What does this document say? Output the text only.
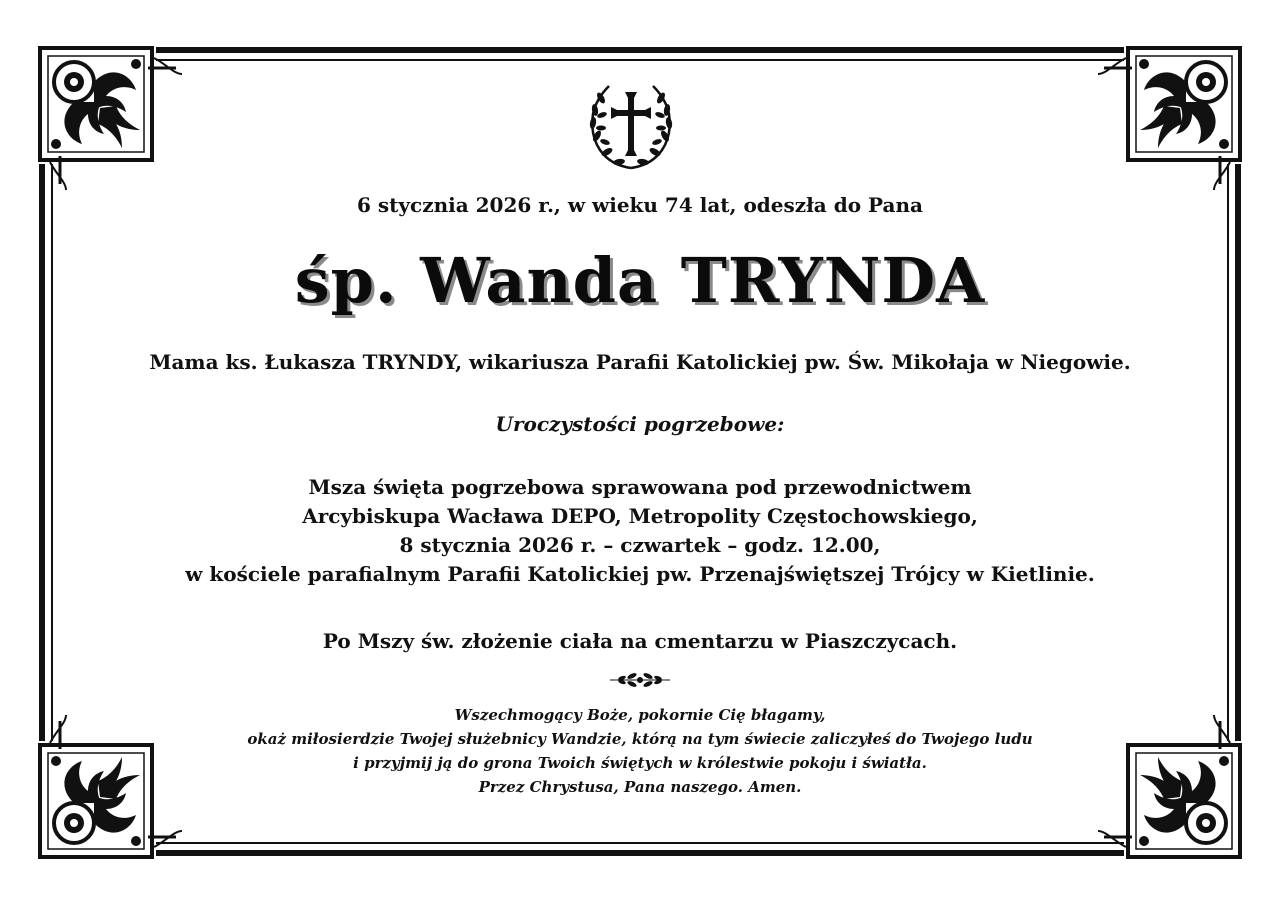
6 stycznia 2026 r., w wieku 74 lat, odeszła do Pana
śp. Wanda TRYNDA
Mama ks. Łukasza TRYNDY, wikariusza Parafii Katolickiej pw. Św. Mikołaja w Niegowie.
Uroczystości pogrzebowe:
Msza święta pogrzebowa sprawowana pod przewodnictwem
Arcybiskupa Wacława DEPO, Metropolity Częstochowskiego,
8 stycznia 2026 r. – czwartek – godz. 12.00,
w kościele parafialnym Parafii Katolickiej pw. Przenajświętszej Trójcy w Kietlinie.
Po Mszy św. złożenie ciała na cmentarzu w Piaszczycach.
Wszechmogący Boże, pokornie Cię błagamy,
okaż miłosierdzie Twojej służebnicy Wandzie, którą na tym świecie zaliczyłeś do Twojego ludu
i przyjmij ją do grona Twoich świętych w królestwie pokoju i światła.
Przez Chrystusa, Pana naszego. Amen.
